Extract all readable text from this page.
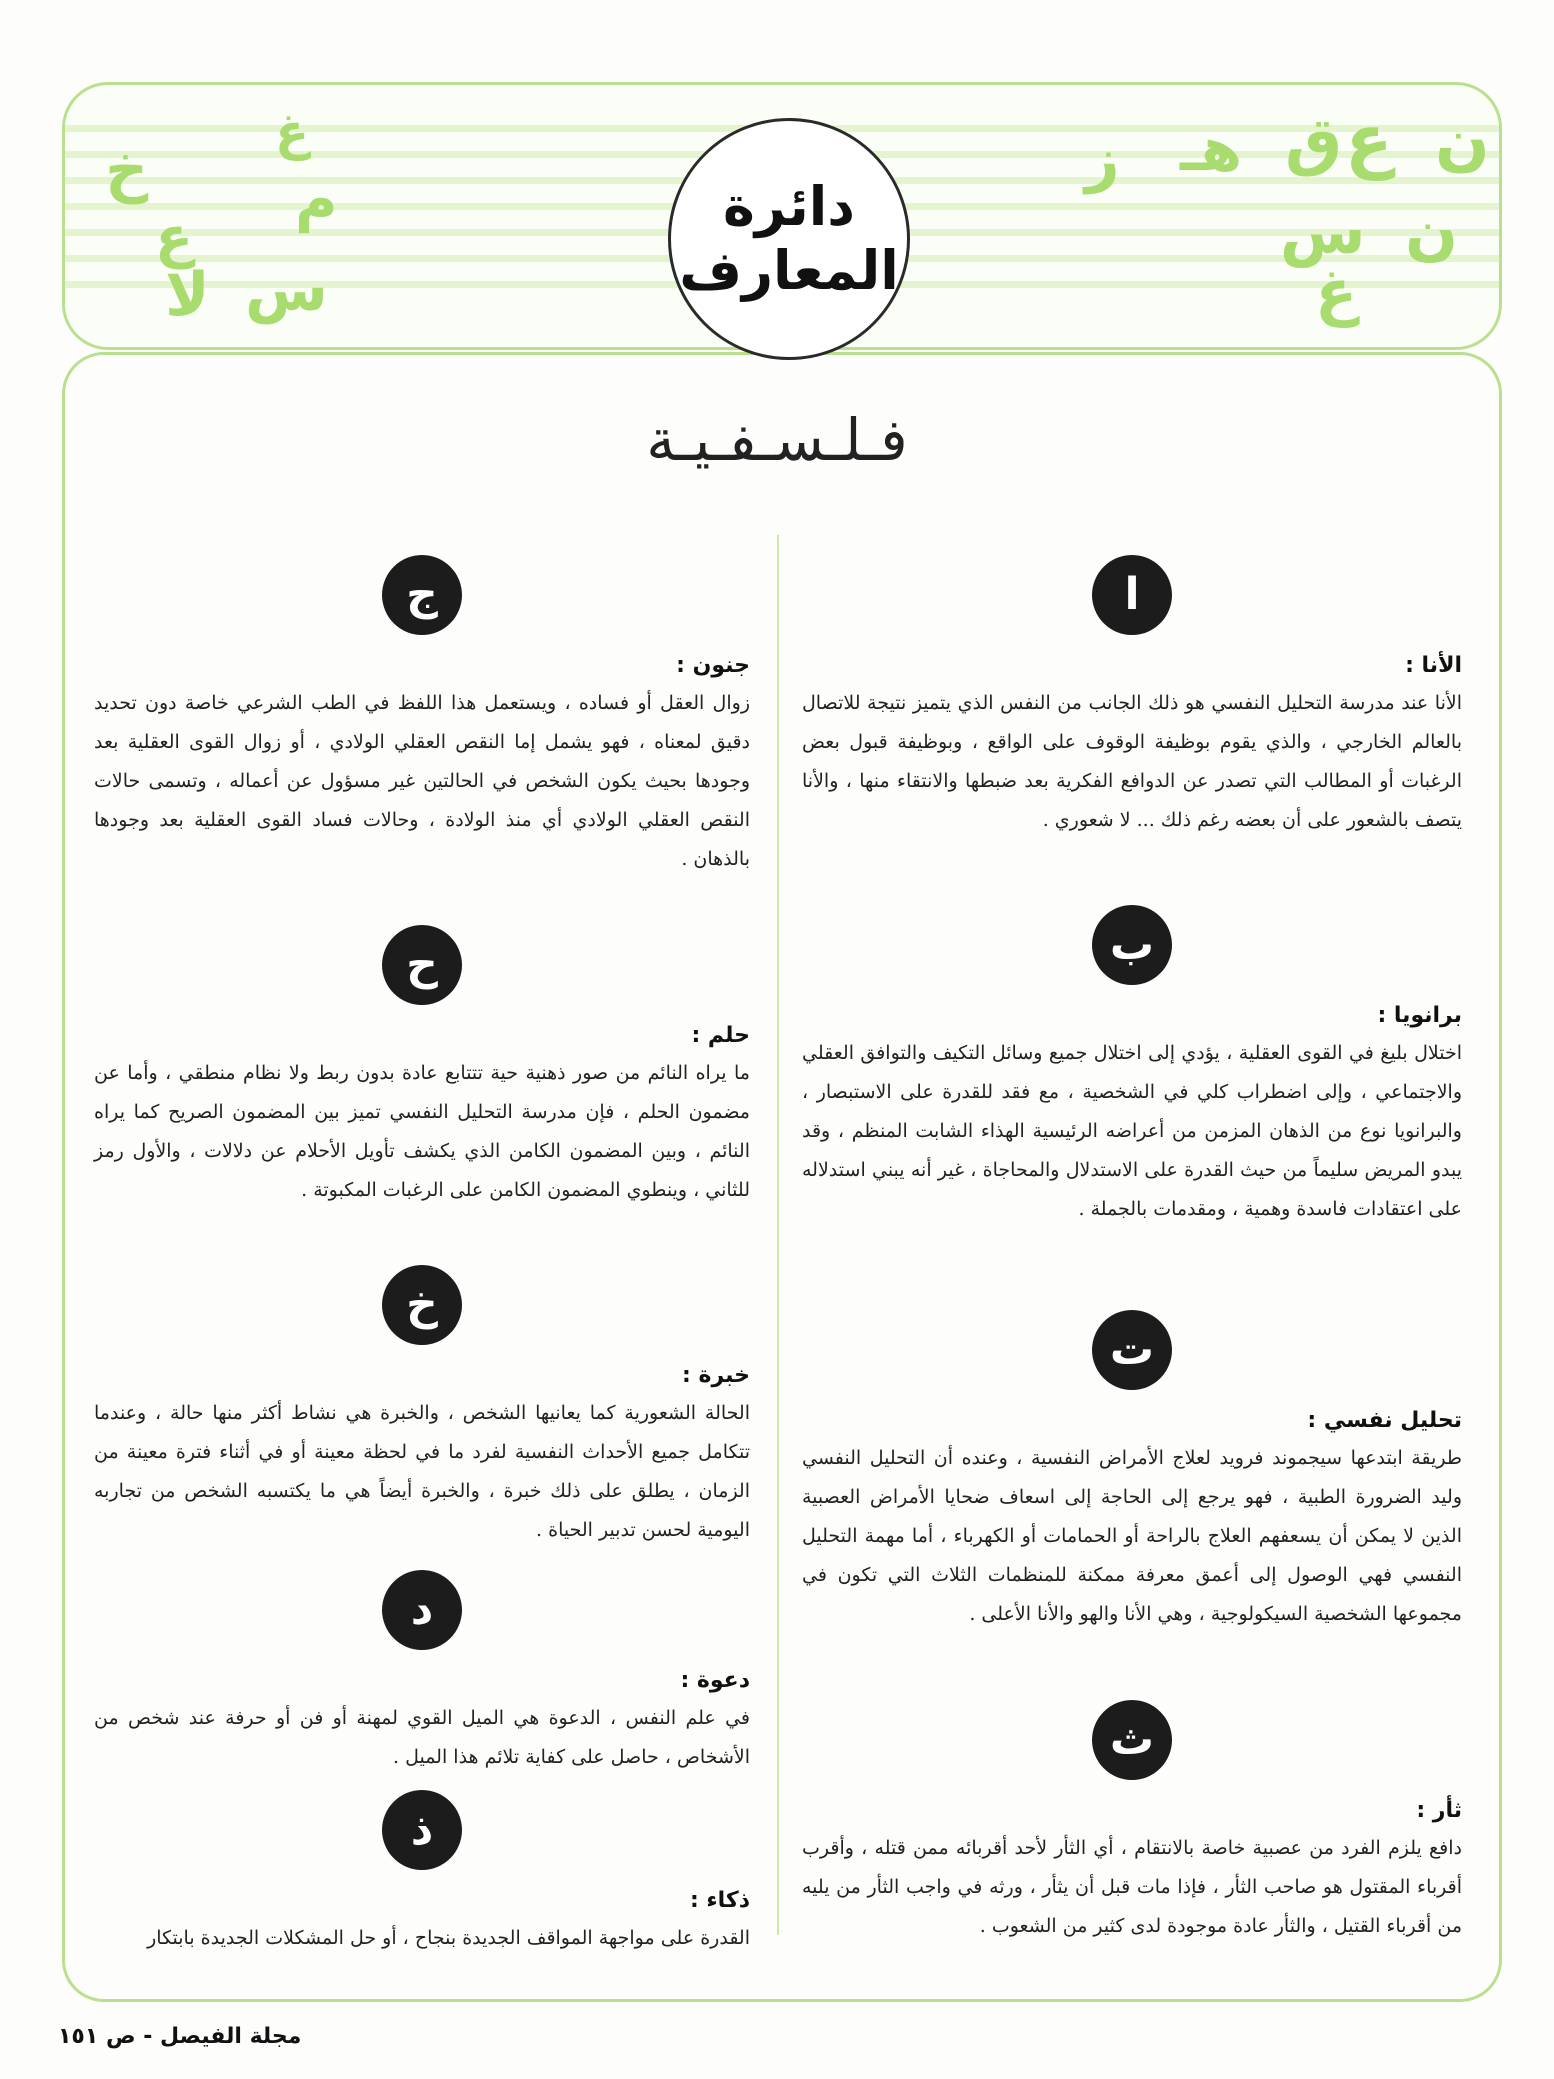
ع
ق ن
هـ
ز
ن
س
غ
م
خ
غ
ع
لا س
دائرة
المعارف
فـلـسـفـيـة
ا
الأنا :
الأنا عند مدرسة التحليل النفسي هو ذلك الجانب من النفس الذي يتميز نتيجة للاتصال بالعالم الخارجي ، والذي يقوم بوظيفة الوقوف على الواقع ، وبوظيفة قبول بعض الرغبات أو المطالب التي تصدر عن الدوافع الفكرية بعد ضبطها والانتقاء منها ، والأنا يتصف بالشعور على أن بعضه رغم ذلك ... لا شعوري .
ب
برانويا :
اختلال بليغ في القوى العقلية ، يؤدي إلى اختلال جميع وسائل التكيف والتوافق العقلي والاجتماعي ، وإلى اضطراب كلي في الشخصية ، مع فقد للقدرة على الاستبصار ، والبرانويا نوع من الذهان المزمن من أعراضه الرئيسية الهذاء الشابت المنظم ، وقد يبدو المريض سليماً من حيث القدرة على الاستدلال والمحاجاة ، غير أنه يبني استدلاله على اعتقادات فاسدة وهمية ، ومقدمات بالجملة .
ت
تحليل نفسي :
طريقة ابتدعها سيجموند فرويد لعلاج الأمراض النفسية ، وعنده أن التحليل النفسي وليد الضرورة الطبية ، فهو يرجع إلى الحاجة إلى اسعاف ضحايا الأمراض العصبية الذين لا يمكن أن يسعفهم العلاج بالراحة أو الحمامات أو الكهرباء ، أما مهمة التحليل النفسي فهي الوصول إلى أعمق معرفة ممكنة للمنظمات الثلاث التي تكون في مجموعها الشخصية السيكولوجية ، وهي الأنا والهو والأنا الأعلى .
ث
ثأر :
دافع يلزم الفرد من عصبية خاصة بالانتقام ، أي الثأر لأحد أقربائه ممن قتله ، وأقرب أقرباء المقتول هو صاحب الثأر ، فإذا مات قبل أن يثأر ، ورثه في واجب الثأر من يليه من أقرباء القتيل ، والثأر عادة موجودة لدى كثير من الشعوب .
ج
جنون :
زوال العقل أو فساده ، ويستعمل هذا اللفظ في الطب الشرعي خاصة دون تحديد دقيق لمعناه ، فهو يشمل إما النقص العقلي الولادي ، أو زوال القوى العقلية بعد وجودها بحيث يكون الشخص في الحالتين غير مسؤول عن أعماله ، وتسمى حالات النقص العقلي الولادي أي منذ الولادة ، وحالات فساد القوى العقلية بعد وجودها بالذهان .
ح
حلم :
ما يراه النائم من صور ذهنية حية تتتابع عادة بدون ربط ولا نظام منطقي ، وأما عن مضمون الحلم ، فإن مدرسة التحليل النفسي تميز بين المضمون الصريح كما يراه النائم ، وبين المضمون الكامن الذي يكشف تأويل الأحلام عن دلالات ، والأول رمز للثاني ، وينطوي المضمون الكامن على الرغبات المكبوتة .
خ
خبرة :
الحالة الشعورية كما يعانيها الشخص ، والخبرة هي نشاط أكثر منها حالة ، وعندما تتكامل جميع الأحداث النفسية لفرد ما في لحظة معينة أو في أثناء فترة معينة من الزمان ، يطلق على ذلك خبرة ، والخبرة أيضاً هي ما يكتسبه الشخص من تجاربه اليومية لحسن تدبير الحياة .
د
دعوة :
في علم النفس ، الدعوة هي الميل القوي لمهنة أو فن أو حرفة عند شخص من الأشخاص ، حاصل على كفاية تلائم هذا الميل .
ذ
ذكاء :
القدرة على مواجهة المواقف الجديدة بنجاح ، أو حل المشكلات الجديدة بابتكار
مجلة الفيصل - ص ١٥١
